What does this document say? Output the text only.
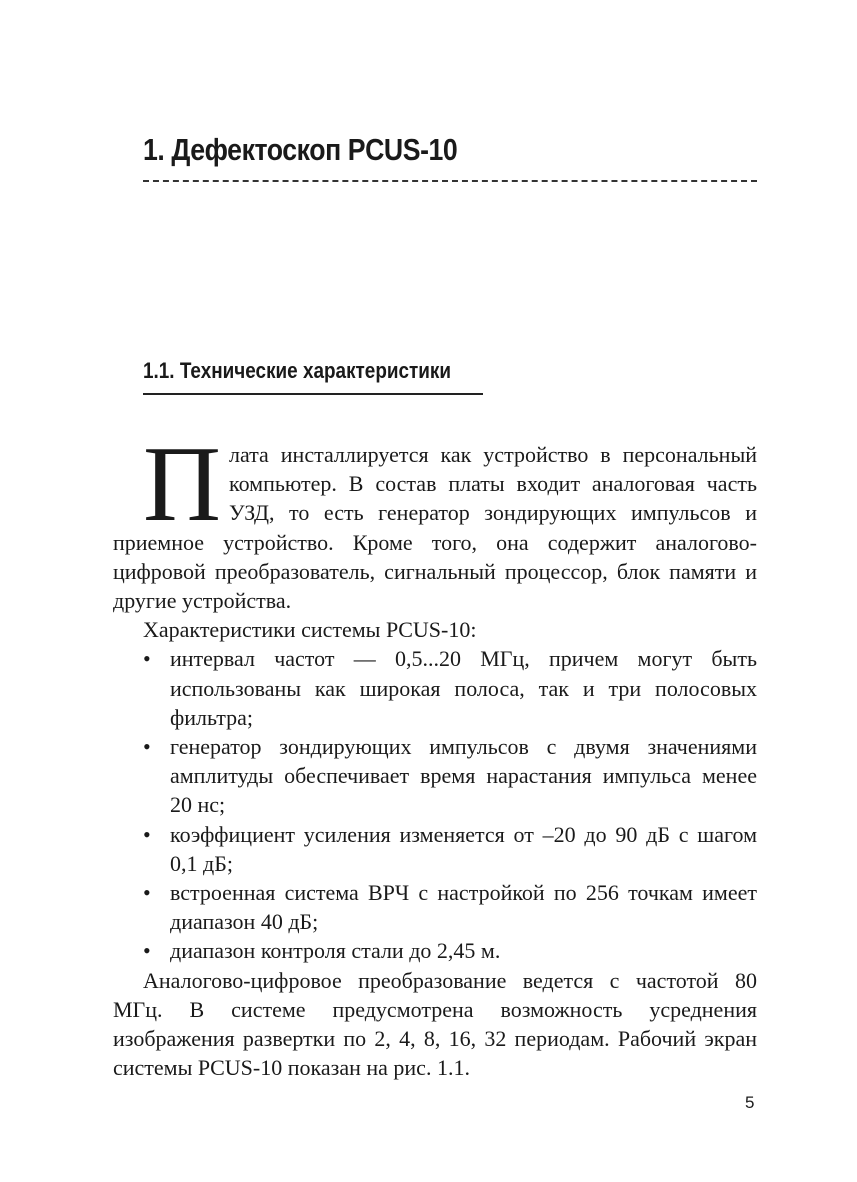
1. Дефектоскоп PCUS-10
1.1. Технические характеристики

Плата инсталлируется как устройство в персональный компьютер. В состав платы входит аналоговая часть УЗД, то есть генератор зондирующих импульсов и приемное устройство. Кроме того, она содержит аналогово-цифровой преобразователь, сигнальный процессор, блок памяти и другие устройства.

Характеристики системы PCUS-10:

• интервал частот — 0,5...20 МГц, причем могут быть использованы как широкая полоса, так и три полосовых фильтра;
• генератор зондирующих импульсов с двумя значениями амплитуды обеспечивает время нарастания импульса менее 20 нс;
• коэффициент усиления изменяется от –20 до 90 дБ с шагом 0,1 дБ;
• встроенная система ВРЧ с настройкой по 256 точкам имеет диапазон 40 дБ;
• диапазон контроля стали до 2,45 м.

Аналогово-цифровое преобразование ведется с частотой 80 МГц. В системе предусмотрена возможность усреднения изображения развертки по 2, 4, 8, 16, 32 периодам. Рабочий экран системы PCUS-10 показан на рис. 1.1.

5
